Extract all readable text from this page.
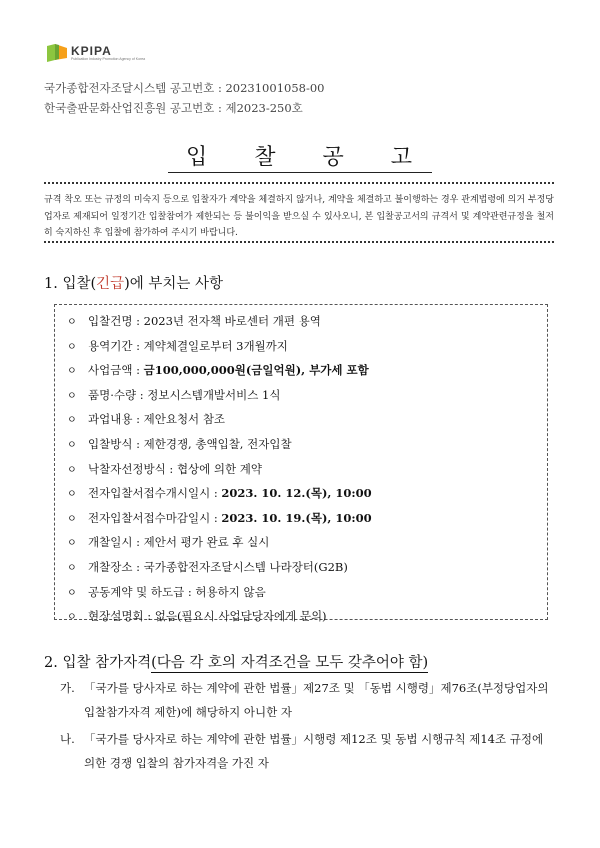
KPIPA
Publication Industry Promotion Agency of Korea
국가종합전자조달시스템 공고번호 : 20231001058-00
한국출판문화산업진흥원 공고번호 : 제2023-250호
입 찰 공 고
규격 착오 또는 규정의 미숙지 등으로 입찰자가 계약을 체결하지 않거나, 계약을 체결하고 불이행하는 경우 관계법령에 의거 부정당업자로 제재되어 일정기간 입찰참여가 제한되는 등 불이익을 받으실 수 있사오니, 본 입찰공고서의 규격서 및 계약관련규정을 철저히 숙지하신 후 입찰에 참가하여 주시기 바랍니다.
1. 입찰(긴급)에 부치는 사항
ㅇ 입찰건명 : 2023년 전자책 바로센터 개편 용역
ㅇ 용역기간 : 계약체결일로부터 3개월까지
ㅇ 사업금액 : 금100,000,000원(금일억원), 부가세 포함
ㅇ 품명·수량 : 정보시스템개발서비스 1식
ㅇ 과업내용 : 제안요청서 참조
ㅇ 입찰방식 : 제한경쟁, 총액입찰, 전자입찰
ㅇ 낙찰자선정방식 : 협상에 의한 계약
ㅇ 전자입찰서접수개시일시 : 2023. 10. 12.(목), 10:00
ㅇ 전자입찰서접수마감일시 : 2023. 10. 19.(목), 10:00
ㅇ 개찰일시 : 제안서 평가 완료 후 실시
ㅇ 개찰장소 : 국가종합전자조달시스템 나라장터(G2B)
ㅇ 공동계약 및 하도급 : 허용하지 않음
ㅇ 현장설명회 : 없음(필요시 사업담당자에게 문의)
2. 입찰 참가자격(다음 각 호의 자격조건을 모두 갖추어야 함)
가. 「국가를 당사자로 하는 계약에 관한 법률」제27조 및 「동법 시행령」제76조(부정당업자의 입찰참가자격 제한)에 해당하지 아니한 자
나. 「국가를 당사자로 하는 계약에 관한 법률」시행령 제12조 및 동법 시행규칙 제14조 규정에 의한 경쟁 입찰의 참가자격을 가진 자
